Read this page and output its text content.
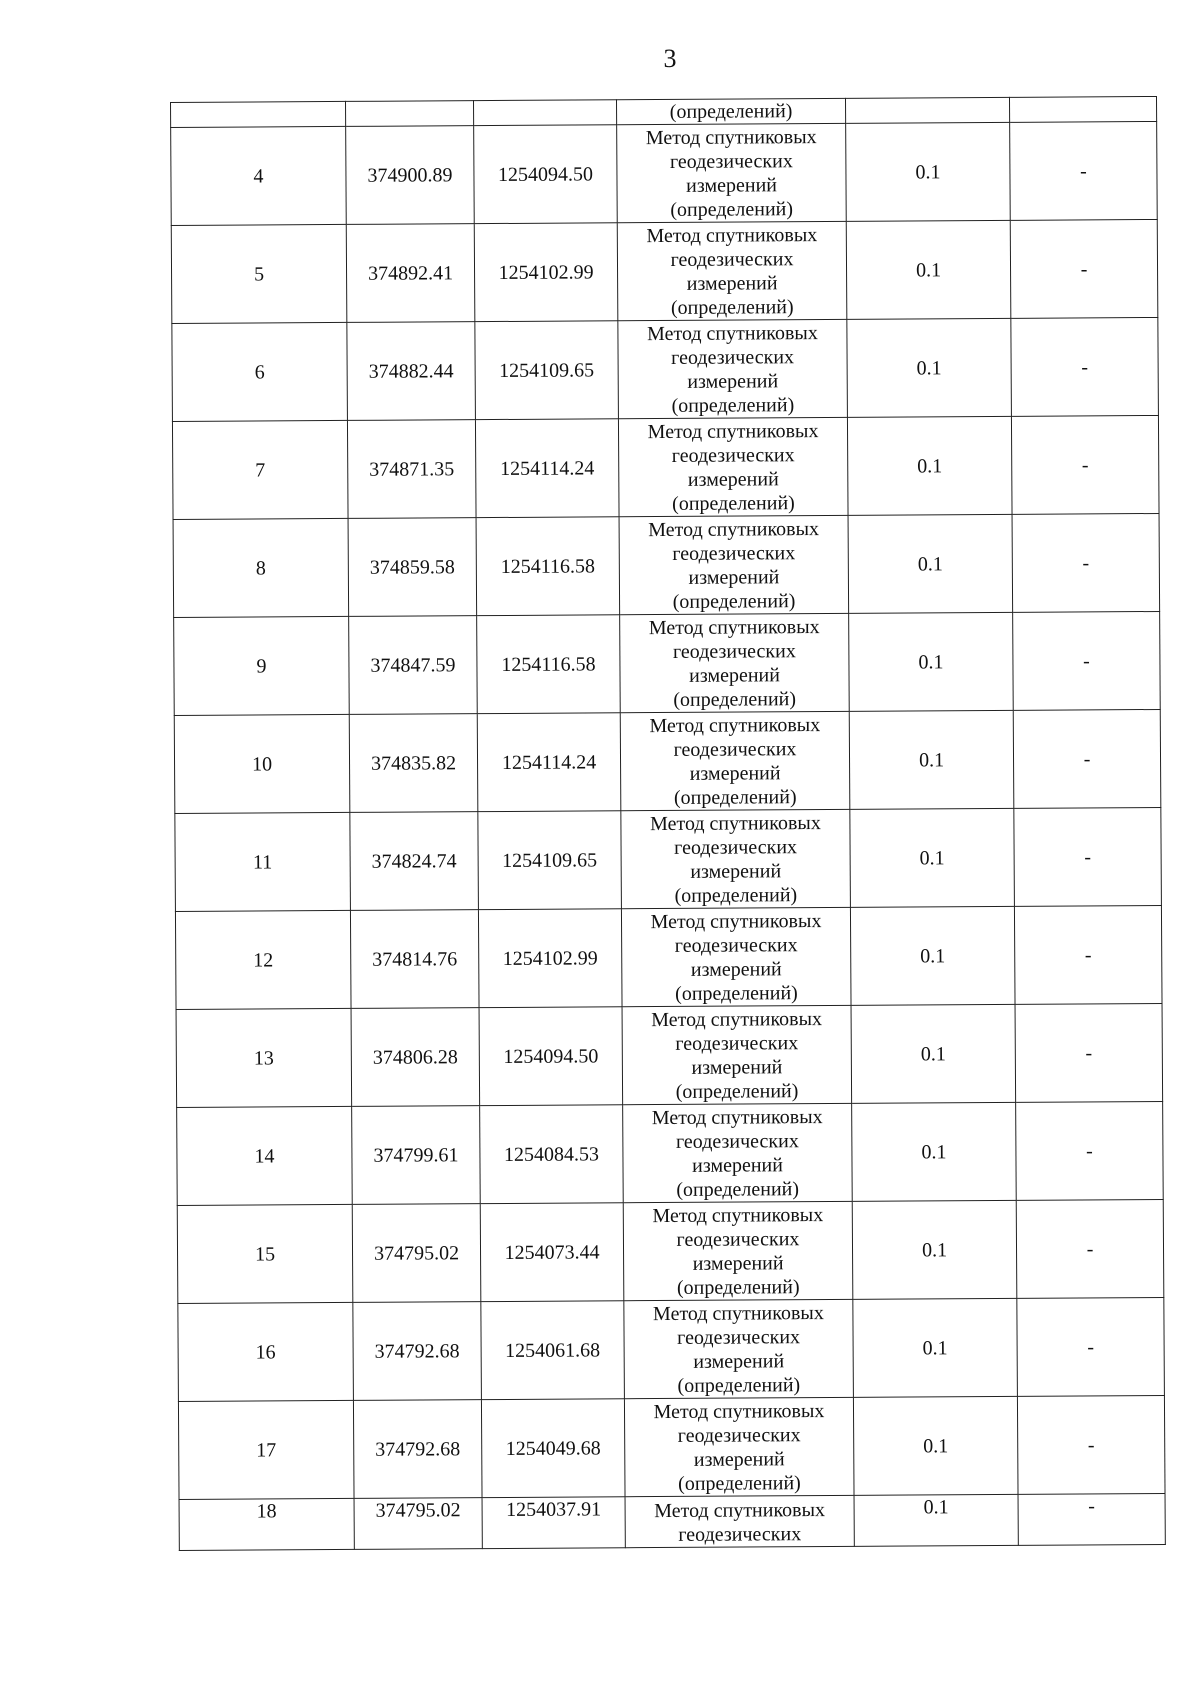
3
			(определений)		
4	374900.89	1254094.50	Метод спутниковых
геодезических
измерений
(определений)	0.1	-
5	374892.41	1254102.99	Метод спутниковых
геодезических
измерений
(определений)	0.1	-
6	374882.44	1254109.65	Метод спутниковых
геодезических
измерений
(определений)	0.1	-
7	374871.35	1254114.24	Метод спутниковых
геодезических
измерений
(определений)	0.1	-
8	374859.58	1254116.58	Метод спутниковых
геодезических
измерений
(определений)	0.1	-
9	374847.59	1254116.58	Метод спутниковых
геодезических
измерений
(определений)	0.1	-
10	374835.82	1254114.24	Метод спутниковых
геодезических
измерений
(определений)	0.1	-
11	374824.74	1254109.65	Метод спутниковых
геодезических
измерений
(определений)	0.1	-
12	374814.76	1254102.99	Метод спутниковых
геодезических
измерений
(определений)	0.1	-
13	374806.28	1254094.50	Метод спутниковых
геодезических
измерений
(определений)	0.1	-
14	374799.61	1254084.53	Метод спутниковых
геодезических
измерений
(определений)	0.1	-
15	374795.02	1254073.44	Метод спутниковых
геодезических
измерений
(определений)	0.1	-
16	374792.68	1254061.68	Метод спутниковых
геодезических
измерений
(определений)	0.1	-
17	374792.68	1254049.68	Метод спутниковых
геодезических
измерений
(определений)	0.1	-
18	374795.02	1254037.91	Метод спутниковых
геодезических	0.1	-
